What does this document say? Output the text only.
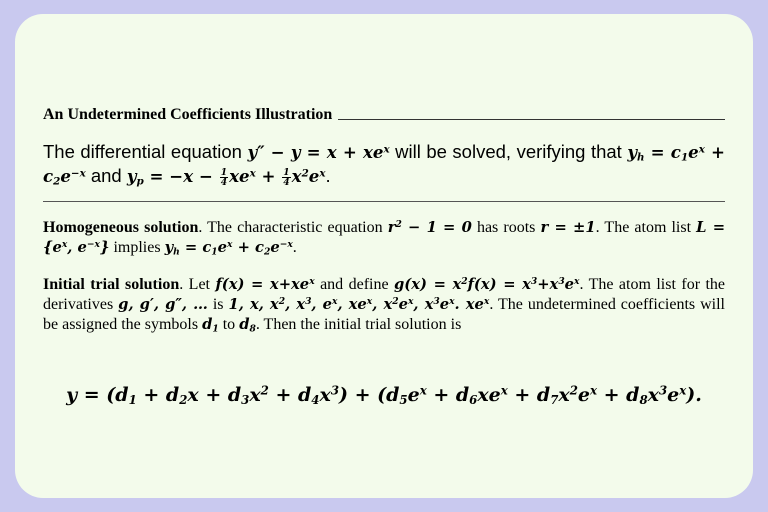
An Undetermined Coefficients Illustration
The differential equation $y'' - y = x + xe^x$ will be solved, verifying that $y_h = c_1e^x + c_2e^{-x}$ and $y_p = -x - \frac{1}{4} xe^x + \frac{1}{4} x^2e^x$.
Homogeneous solution. The characteristic equation $r^2 - 1 = 0$ has roots r = ±1. The atom list $L = \{e^x$, $e^{-x}$} implies $y_h = c_1e^x + c_2e^{-x}$.
Initial trial solution. Let $f(x) = x+xe^x$ and define $g(x) = x^2f(x) = x^3+x^3e^x$. The atom list for the derivatives g, g′, g″, … is 1, x, $x^2$, $x^3$, $e^x$, $xe^x$, $x^2e^x$, $x^3e^x$. $xe^x$. The undetermined coefficients will be assigned the symbols $d_1$ to $d_8$. Then the initial trial solution is
$y = (d_1 + d_2x + d_3x^2 + d_4x^3) + (d_5e^x + d_6xe^x + d_7x^2e^x + d_8x^3e^x)$.
